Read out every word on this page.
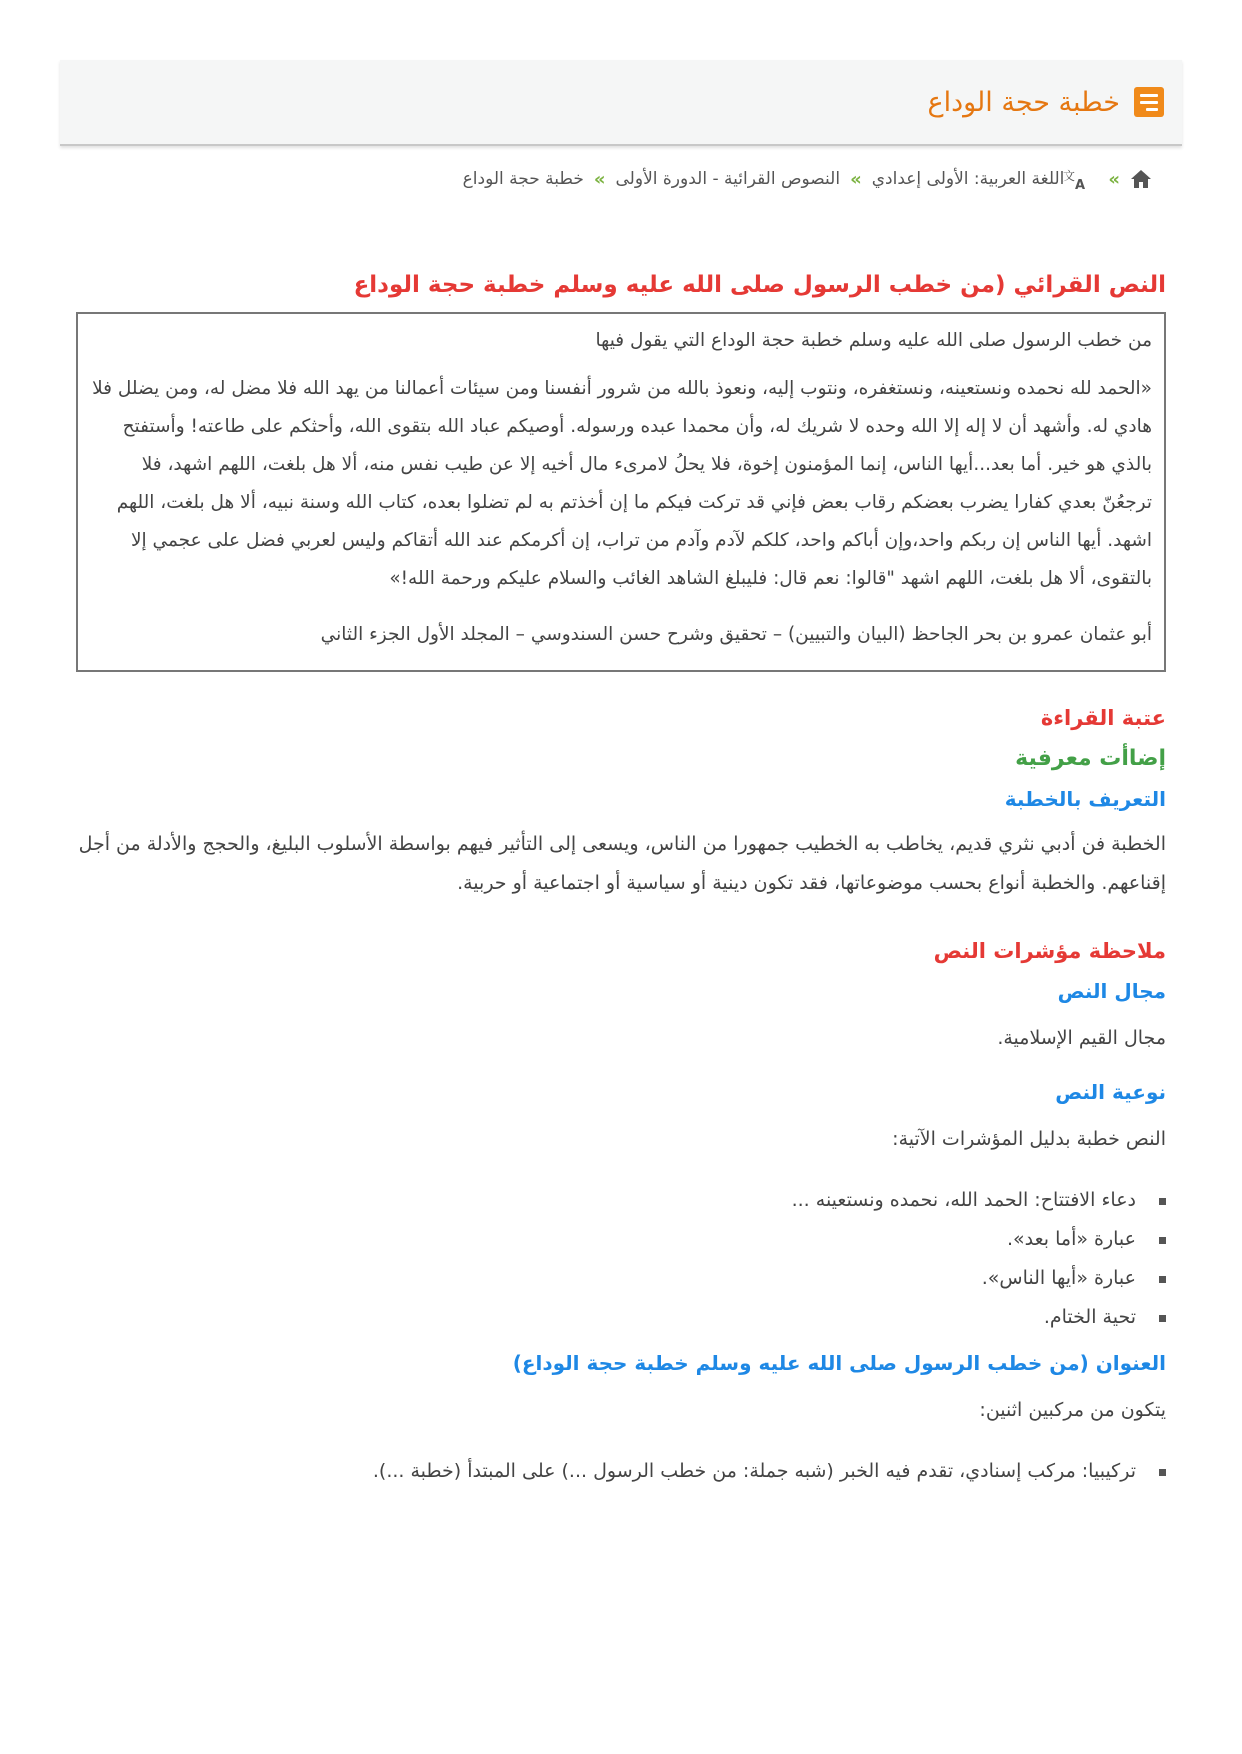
خطبة حجة الوداع
»
文
A
اللغة العربية: الأولى إعدادي
»
النصوص القرائية - الدورة الأولى
»
خطبة حجة الوداع
النص القرائي (من خطب الرسول صلى الله عليه وسلم خطبة حجة الوداع

من خطب الرسول صلى الله عليه وسلم خطبة حجة الوداع التي يقول فيها

«الحمد لله نحمده ونستعينه، ونستغفره، ونتوب إليه، ونعوذ بالله من شرور أنفسنا ومن سيئات أعمالنا من يهد الله فلا مضل له، ومن يضلل فلا هادي له. وأشهد أن لا إله إلا الله وحده لا شريك له، وأن محمدا عبده ورسوله. أوصيكم عباد الله بتقوى الله، وأحثكم على طاعته! وأستفتح بالذي هو خير. أما بعد...أيها الناس، إنما المؤمنون إخوة، فلا يحلُ لامرىء مال أخيه إلا عن طيب نفس منه، ألا هل بلغت، اللهم اشهد، فلا ترجعُنّ بعدي كفارا يضرب بعضكم رقاب بعض فإني قد تركت فيكم ما إن أخذتم به لم تضلوا بعده، كتاب الله وسنة نبيه، ألا هل بلغت، اللهم اشهد. أيها الناس إن ربكم واحد،وإن أباكم واحد، كلكم لآدم وآدم من تراب، إن أكرمكم عند الله أتقاكم وليس لعربي فضل على عجمي إلا بالتقوى، ألا هل بلغت، اللهم اشهد "قالوا: نعم قال: فليبلغ الشاهد الغائب والسلام عليكم ورحمة الله!»

أبو عثمان عمرو بن بحر الجاحظ (البيان والتبيين) – تحقيق وشرح حسن السندوسي – المجلد الأول الجزء الثاني

عتبة القراءة
إضاأت معرفية
التعريف بالخطبة

الخطبة فن أدبي نثري قديم، يخاطب به الخطيب جمهورا من الناس، ويسعى إلى التأثير فيهم بواسطة الأسلوب البليغ، والحجج والأدلة من أجل إقناعهم. والخطبة أنواع بحسب موضوعاتها، فقد تكون دينية أو سياسية أو اجتماعية أو حربية.

ملاحظة مؤشرات النص
مجال النص

مجال القيم الإسلامية.

نوعية النص

النص خطبة بدليل المؤشرات الآتية:

دعاء الافتتاح: الحمد الله، نحمده ونستعينه ...
عبارة «أما بعد».
عبارة «أيها الناس».
تحية الختام.
العنوان (من خطب الرسول صلى الله عليه وسلم خطبة حجة الوداع)

يتكون من مركبين اثنين:

تركيبيا: مركب إسنادي، تقدم فيه الخبر (شبه جملة: من خطب الرسول ...) على المبتدأ (خطبة ...).
